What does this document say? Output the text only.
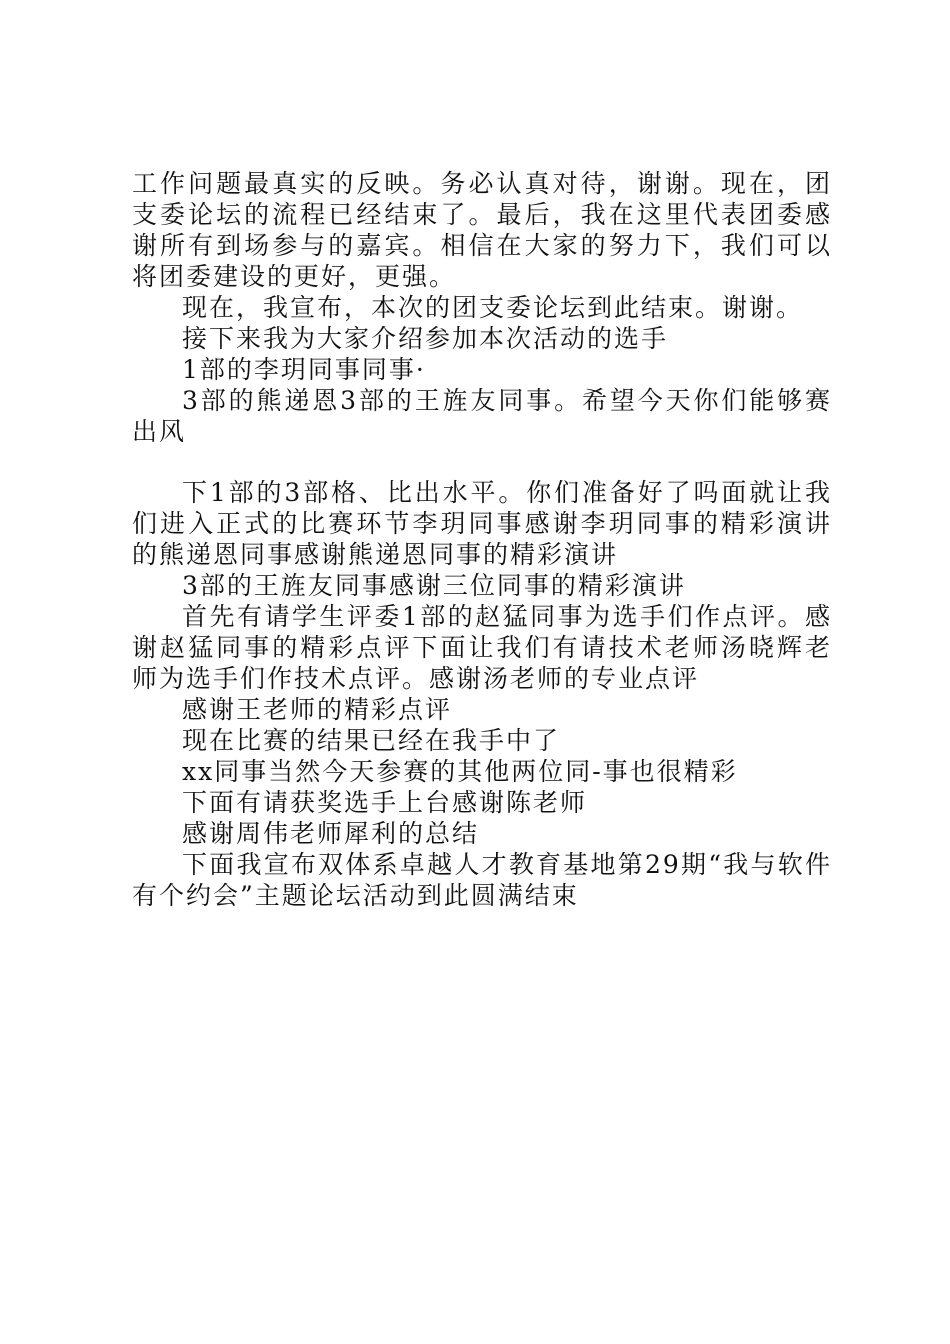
工作问题最真实的反映。务必认真对待，谢谢。现在，团支委论坛的流程已经结束了。最后，我在这里代表团委感谢所有到场参与的嘉宾。相信在大家的努力下，我们可以将团委建设的更好，更强。

现在，我宣布，本次的团支委论坛到此结束。谢谢。

接下来我为大家介绍参加本次活动的选手

1部的李玥同事同事·

3部的熊递恩3部的王旌友同事。希望今天你们能够赛出风

下1部的3部格、比出水平。你们准备好了吗面就让我们进入正式的比赛环节李玥同事感谢李玥同事的精彩演讲的熊递恩同事感谢熊递恩同事的精彩演讲

3部的王旌友同事感谢三位同事的精彩演讲

首先有请学生评委1部的赵猛同事为选手们作点评。感谢赵猛同事的精彩点评下面让我们有请技术老师汤晓辉老师为选手们作技术点评。感谢汤老师的专业点评

感谢王老师的精彩点评

现在比赛的结果已经在我手中了

xx同事当然今天参赛的其他两位同-事也很精彩

下面有请获奖选手上台感谢陈老师

感谢周伟老师犀利的总结

下面我宣布双体系卓越人才教育基地第29期“我与软件有个约会”主题论坛活动到此圆满结束
